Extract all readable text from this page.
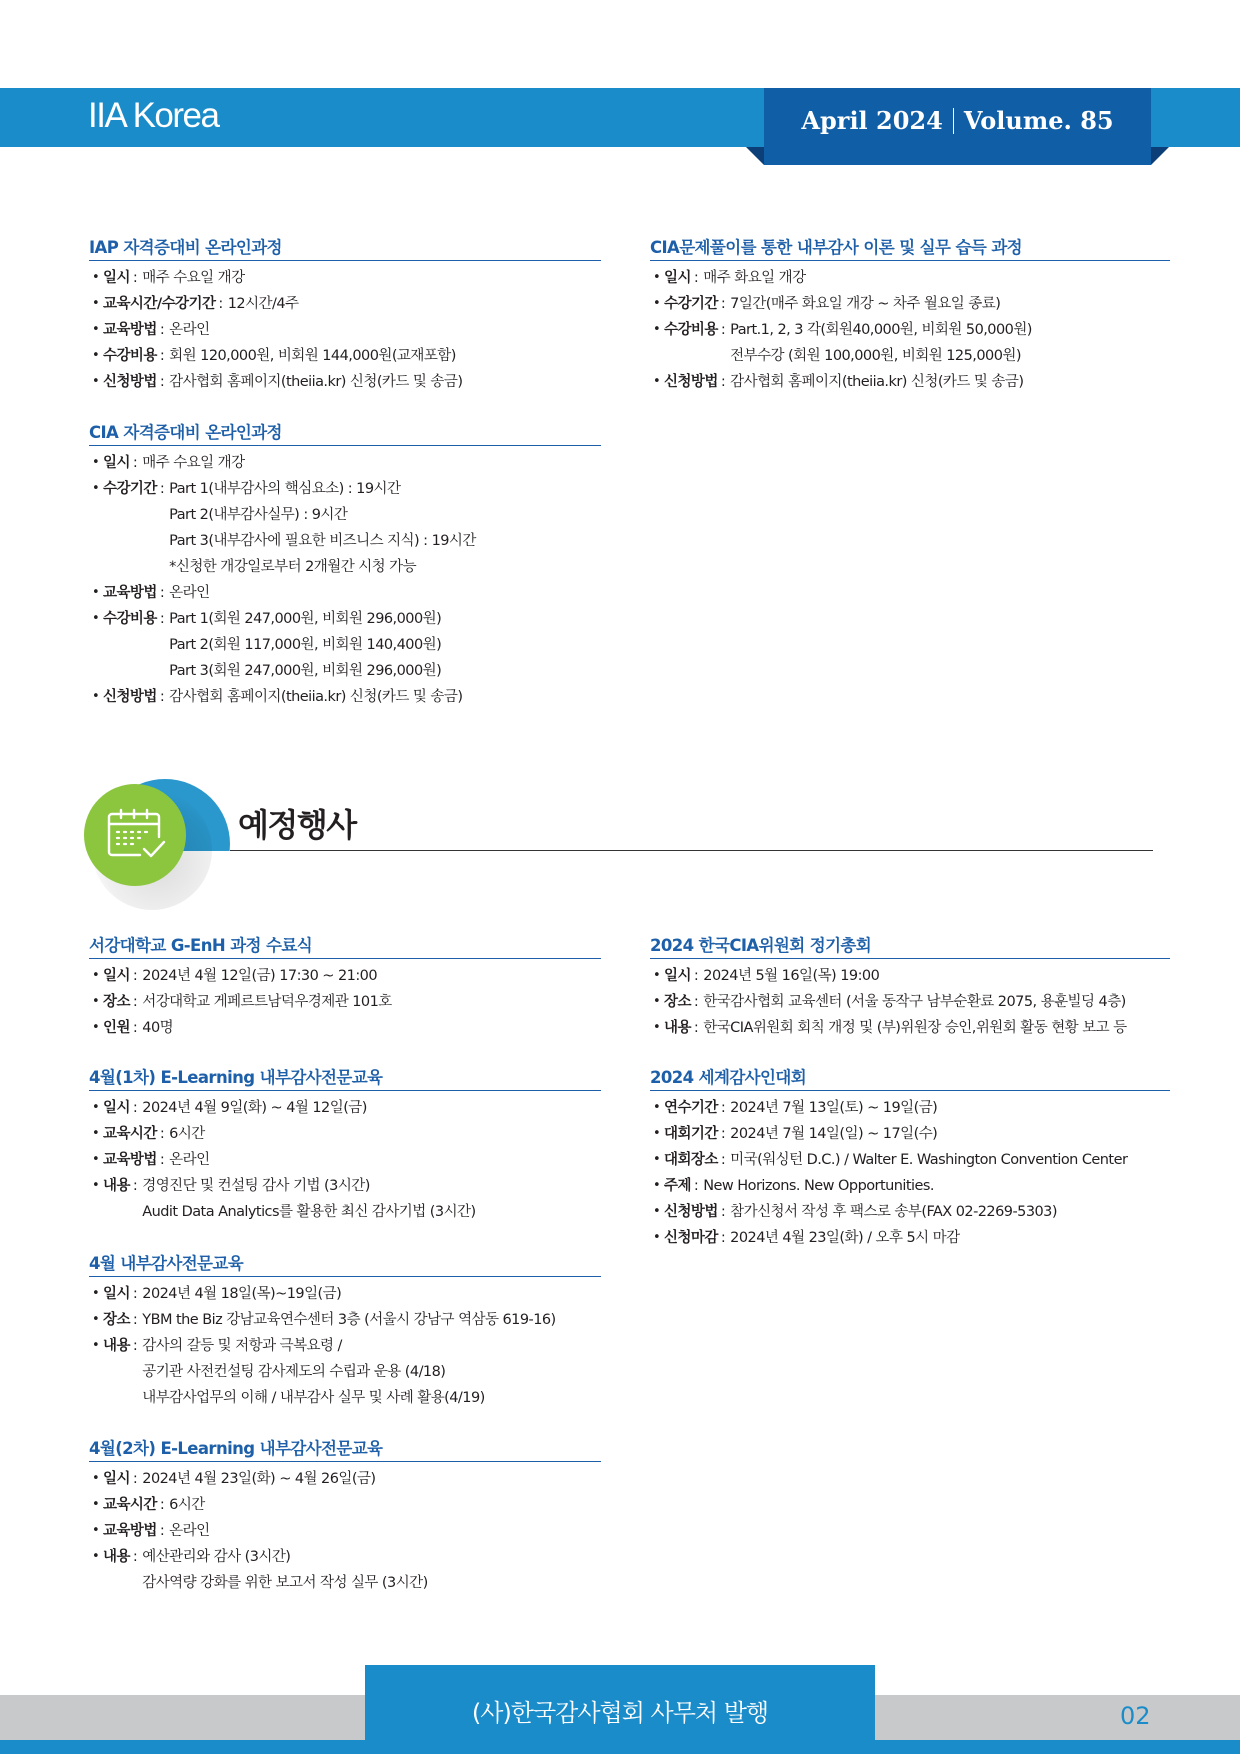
IIA Korea	April 2024 Volume. 85
IAP 자격증대비 온라인과정
• 일시 : 매주 수요일 개강
• 교육시간/수강기간 : 12시간/4주
• 교육방법 : 온라인
• 수강비용 : 회원 120,000원, 비회원 144,000원(교재포함)
• 신청방법 : 감사협회 홈페이지(theiia.kr) 신청(카드 및 송금)
CIA 자격증대비 온라인과정
• 일시 : 매주 수요일 개강
• 수강기간 : Part 1(내부감사의 핵심요소) : 19시간
Part 2(내부감사실무) : 9시간
Part 3(내부감사에 필요한 비즈니스 지식) : 19시간
*신청한 개강일로부터 2개월간 시청 가능
• 교육방법 : 온라인
• 수강비용 : Part 1(회원 247,000원, 비회원 296,000원)
Part 2(회원 117,000원, 비회원 140,400원)
Part 3(회원 247,000원, 비회원 296,000원)
• 신청방법 : 감사협회 홈페이지(theiia.kr) 신청(카드 및 송금)
CIA문제풀이를 통한 내부감사 이론 및 실무 습득 과정
• 일시 : 매주 화요일 개강
• 수강기간 : 7일간(매주 화요일 개강 ~ 차주 월요일 종료)
• 수강비용 : Part.1, 2, 3 각(회원40,000원, 비회원 50,000원)
전부수강 (회원 100,000원, 비회원 125,000원)
• 신청방법 : 감사협회 홈페이지(theiia.kr) 신청(카드 및 송금)
예정행사
서강대학교 G-EnH 과정 수료식
• 일시 : 2024년 4월 12일(금) 17:30 ~ 21:00
• 장소 : 서강대학교 게페르트남덕우경제관 101호
• 인원 : 40명
4월(1차) E-Learning 내부감사전문교육
• 일시 : 2024년 4월 9일(화) ~ 4월 12일(금)
• 교육시간 : 6시간
• 교육방법 : 온라인
• 내용 : 경영진단 및 컨설팅 감사 기법 (3시간)
Audit Data Analytics를 활용한 최신 감사기법 (3시간)
4월 내부감사전문교육
• 일시 : 2024년 4월 18일(목)~19일(금)
• 장소 : YBM the Biz 강남교육연수센터 3층 (서울시 강남구 역삼동 619-16)
• 내용 : 감사의 갈등 및 저항과 극복요령 /
공기관 사전컨설팅 감사제도의 수립과 운용 (4/18)
내부감사업무의 이해 / 내부감사 실무 및 사례 활용(4/19)
4월(2차) E-Learning 내부감사전문교육
• 일시 : 2024년 4월 23일(화) ~ 4월 26일(금)
• 교육시간 : 6시간
• 교육방법 : 온라인
• 내용 : 예산관리와 감사 (3시간)
감사역량 강화를 위한 보고서 작성 실무 (3시간)
2024 한국CIA위원회 정기총회
• 일시 : 2024년 5월 16일(목) 19:00
• 장소 : 한국감사협회 교육센터 (서울 동작구 남부순환료 2075, 용훈빌딩 4층)
• 내용 : 한국CIA위원회 회칙 개정 및 (부)위원장 승인,위원회 활동 현황 보고 등
2024 세계감사인대회
• 연수기간 : 2024년 7월 13일(토) ~ 19일(금)
• 대회기간 : 2024년 7월 14일(일) ~ 17일(수)
• 대회장소 : 미국(워싱턴 D.C.) / Walter E. Washington Convention Center
• 주제 : New Horizons. New Opportunities.
• 신청방법 : 참가신청서 작성 후 팩스로 송부(FAX 02-2269-5303)
• 신청마감 : 2024년 4월 23일(화) / 오후 5시 마감
(사)한국감사협회 사무처 발행	02
